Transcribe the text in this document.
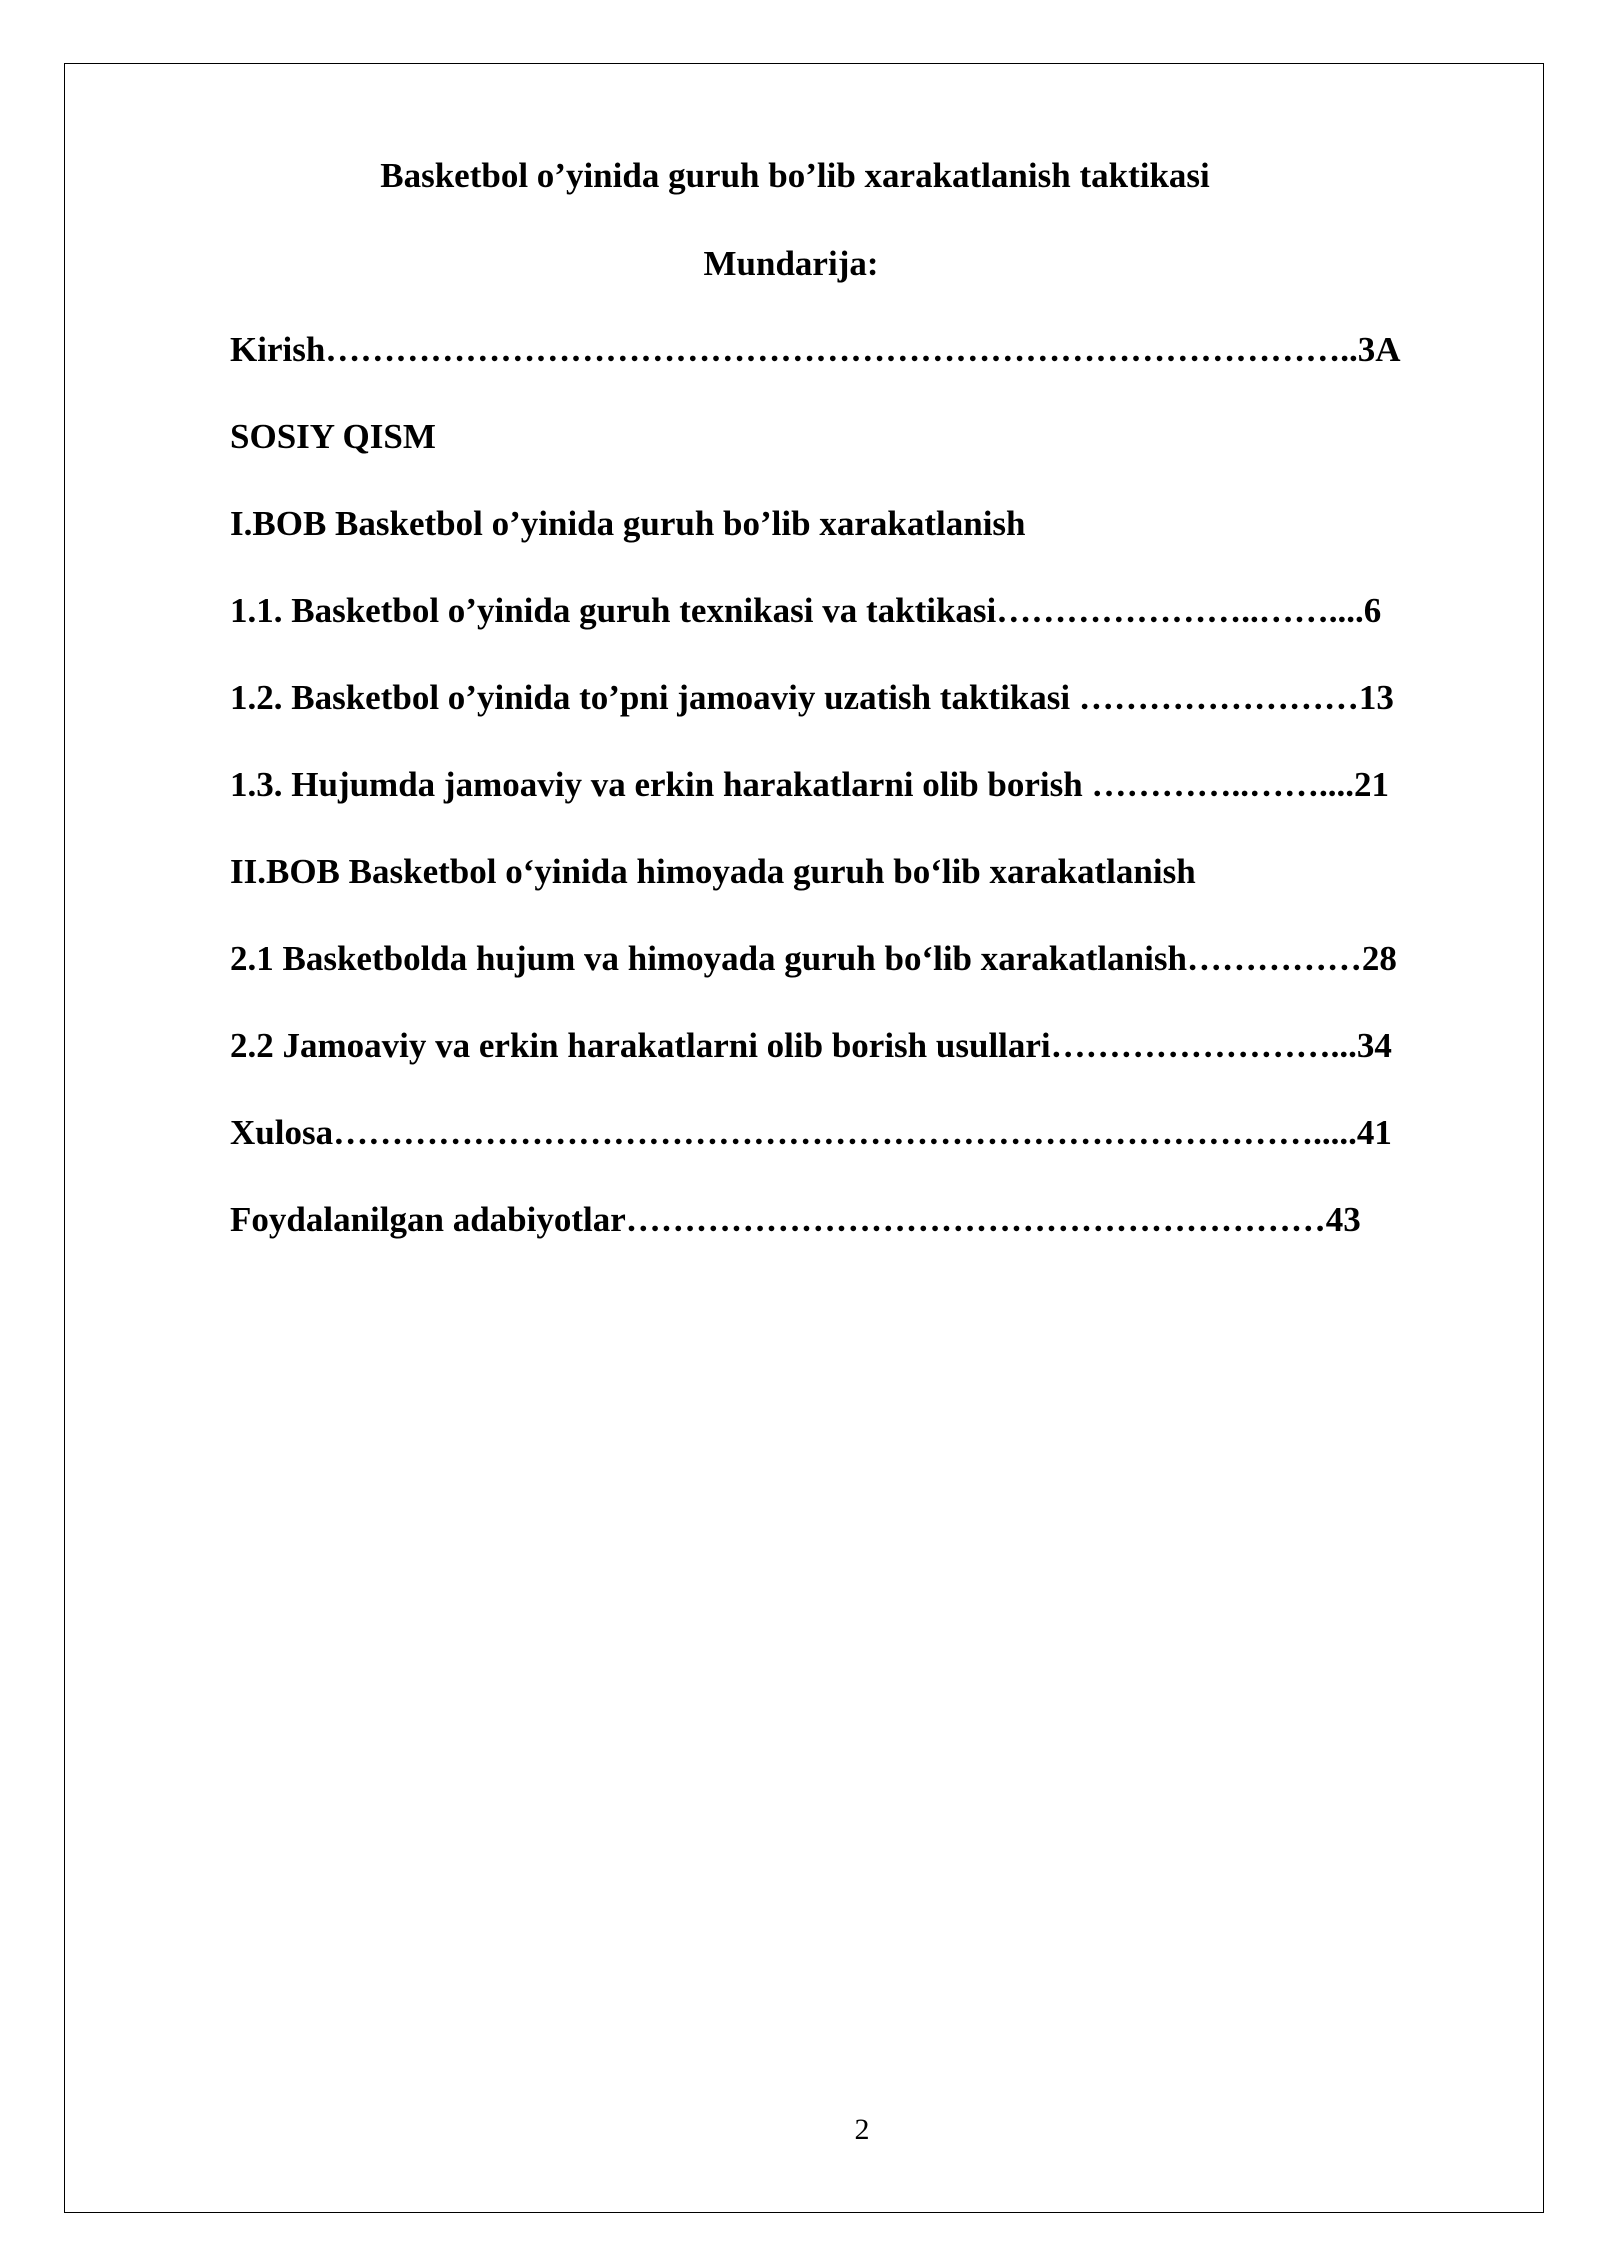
Basketbol o’yinida guruh bo’lib xarakatlanish taktikasi
Mundarija:
Kirish……………………………………………………………………………..3A
SOSIY QISM
I.BOB Basketbol o’yinida guruh bo’lib xarakatlanish
1.1. Basketbol o’yinida guruh texnikasi va taktikasi…………………..……....6
1.2. Basketbol o’yinida to’pni jamoaviy uzatish taktikasi ……………………13
1.3. Hujumda jamoaviy va erkin harakatlarni olib borish …………..……....21
II.BOB Basketbol o‘yinida himoyada guruh bo‘lib xarakatlanish
2.1 Basketbolda hujum va himoyada guruh bo‘lib xarakatlanish……………28
2.2 Jamoaviy va erkin harakatlarni olib borish usullari……………………...34
Xulosa………………………………………………………………………….....41
Foydalanilgan adabiyotlar……………………………………………………43
2
